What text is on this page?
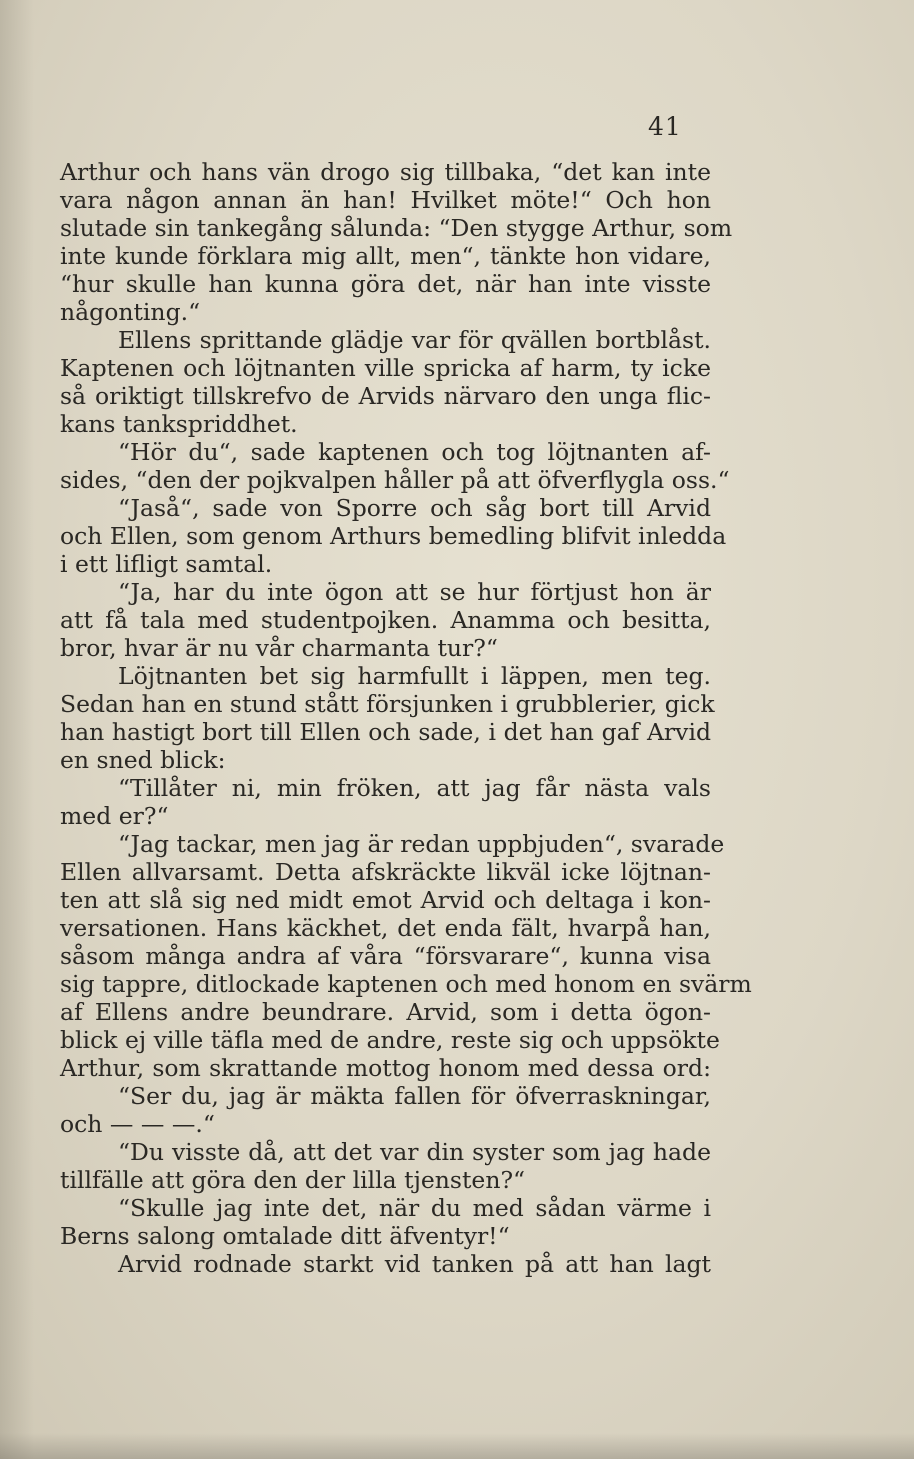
41
Arthur och hans vän drogo sig tillbaka, “det kan inte
vara någon annan än han! Hvilket möte!“ Och hon
slutade sin tankegång sålunda: “Den stygge Arthur, som
inte kunde förklara mig allt, men“, tänkte hon vidare,
“hur skulle han kunna göra det, när han inte visste
någonting.“
Ellens sprittande glädje var för qvällen bortblåst.
Kaptenen och löjtnanten ville spricka af harm, ty icke
så oriktigt tillskrefvo de Arvids närvaro den unga flic-
kans tankspriddhet.
“Hör du“, sade kaptenen och tog löjtnanten af-
sides, “den der pojkvalpen håller på att öfverflygla oss.“
“Jaså“, sade von Sporre och såg bort till Arvid
och Ellen, som genom Arthurs bemedling blifvit inledda
i ett lifligt samtal.
“Ja, har du inte ögon att se hur förtjust hon är
att få tala med studentpojken. Anamma och besitta,
bror, hvar är nu vår charmanta tur?“
Löjtnanten bet sig harmfullt i läppen, men teg.
Sedan han en stund stått försjunken i grubblerier, gick
han hastigt bort till Ellen och sade, i det han gaf Arvid
en sned blick:
“Tillåter ni, min fröken, att jag får nästa vals
med er?“
“Jag tackar, men jag är redan uppbjuden“, svarade
Ellen allvarsamt. Detta afskräckte likväl icke löjtnan-
ten att slå sig ned midt emot Arvid och deltaga i kon-
versationen. Hans käckhet, det enda fält, hvarpå han,
såsom många andra af våra “försvarare“, kunna visa
sig tappre, ditlockade kaptenen och med honom en svärm
af Ellens andre beundrare. Arvid, som i detta ögon-
blick ej ville täfla med de andre, reste sig och uppsökte
Arthur, som skrattande mottog honom med dessa ord:
“Ser du, jag är mäkta fallen för öfverraskningar,
och — — —.“
“Du visste då, att det var din syster som jag hade
tillfälle att göra den der lilla tjensten?“
“Skulle jag inte det, när du med sådan värme i
Berns salong omtalade ditt äfventyr!“
Arvid rodnade starkt vid tanken på att han lagt
